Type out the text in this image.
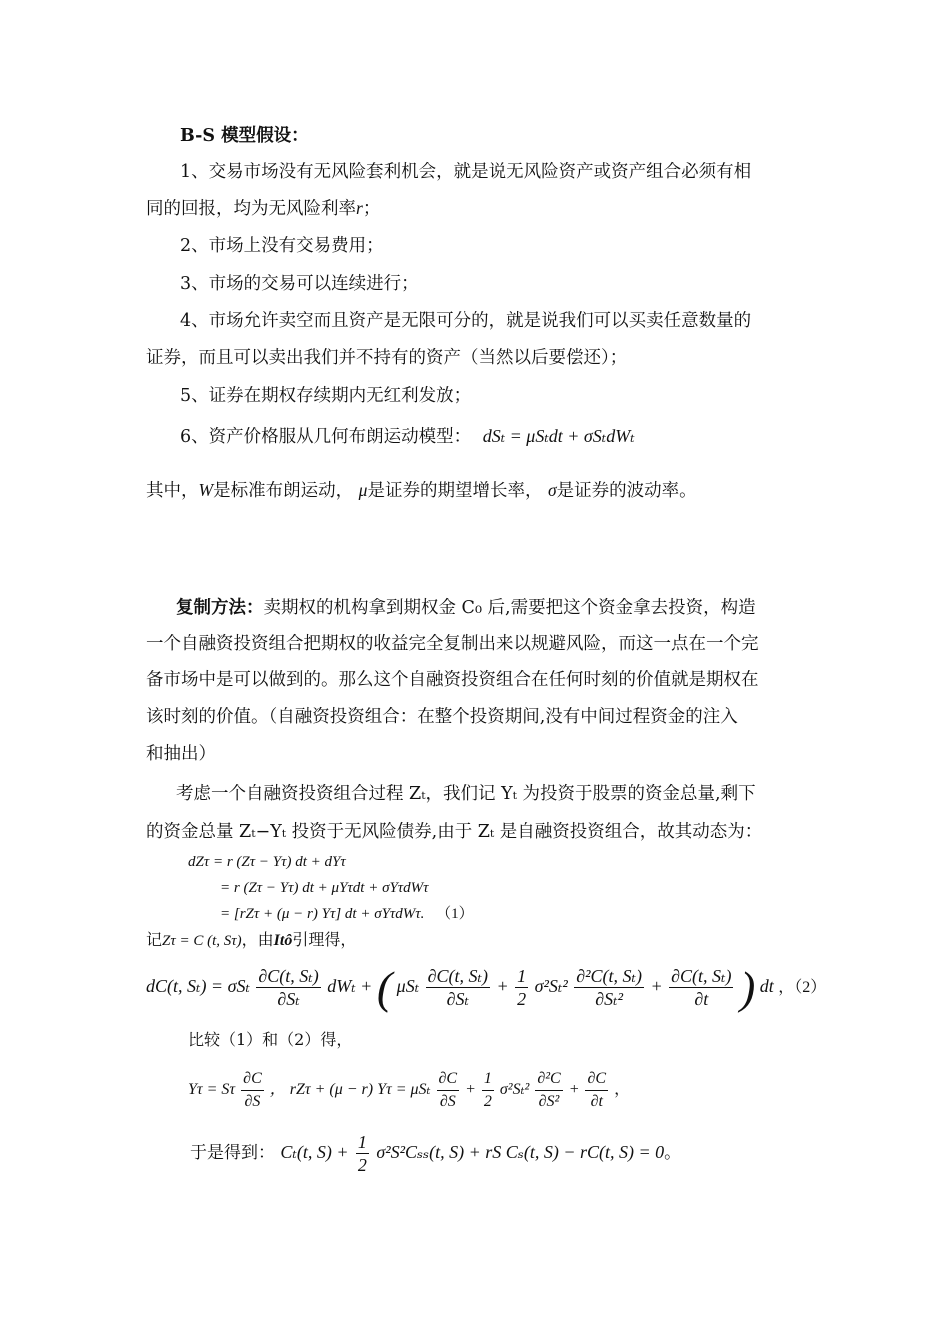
B-S 模型假设：
1、交易市场没有无风险套利机会，就是说无风险资产或资产组合必须有相
同的回报，均为无风险利率r；
2、市场上没有交易费用；
3、市场的交易可以连续进行；
4、市场允许卖空而且资产是无限可分的，就是说我们可以买卖任意数量的
证券，而且可以卖出我们并不持有的资产（当然以后要偿还）；
5、证券在期权存续期内无红利发放；
6、资产价格服从几何布朗运动模型： dSₜ = μSₜdt + σSₜdWₜ
其中，W是标准布朗运动， μ是证券的期望增长率， σ是证券的波动率。
复制方法：卖期权的机构拿到期权金 C₀ 后,需要把这个资金拿去投资，构造
一个自融资投资组合把期权的收益完全复制出来以规避风险，而这一点在一个完
备市场中是可以做到的。那么这个自融资投资组合在任何时刻的价值就是期权在
该时刻的价值。（自融资投资组合：在整个投资期间,没有中间过程资金的注入
和抽出）
考虑一个自融资投资组合过程 Zₜ，我们记 Yₜ 为投资于股票的资金总量,剩下
的资金总量 Zₜ−Yₜ 投资于无风险债券,由于 Zₜ 是自融资投资组合，故其动态为：
dZτ = r (Zτ − Yτ) dt + dYτ
= r (Zτ − Yτ) dt + μYτdt + σYτdWτ
= [rZτ + (μ − r) Yτ] dt + σYτdWτ. （1）
记Zτ = C (t, Sτ)，由Itô引理得，
dC(t, Sₜ) = σSₜ $\frac{\text{∂C(t, Sₜ)}}{\text{∂Sₜ}}$ dWₜ + ( μSₜ $\frac{\text{∂C(t, Sₜ)}}{\text{∂Sₜ}} + \frac{1}{2} \sigma^2S_t^2 \frac{\text{∂²C(t, Sₜ)}}{\text{∂Sₜ²}} + \frac{\text{∂C(t, Sₜ)}}{\partial t}$ ) dt ，（2）
比较（1）和（2）得，
Yτ = Sτ $\frac{\partial C}{\partial S}$ ， rZτ + (μ − r) Yτ = μSₜ $\frac{\partial C}{\partial S} + \frac{1}{2} \sigma^2S_t^2 \frac{\text{∂²C}}{\text{∂S²}} + \frac{\partial C}{\partial t}$ ，
于是得到： Cₜ(t, $S) + \frac{1}{2} \sigma^2S^2C_{ss}(t$, S) + rS Cₛ(t, S) − rC(t, S) = 0。
